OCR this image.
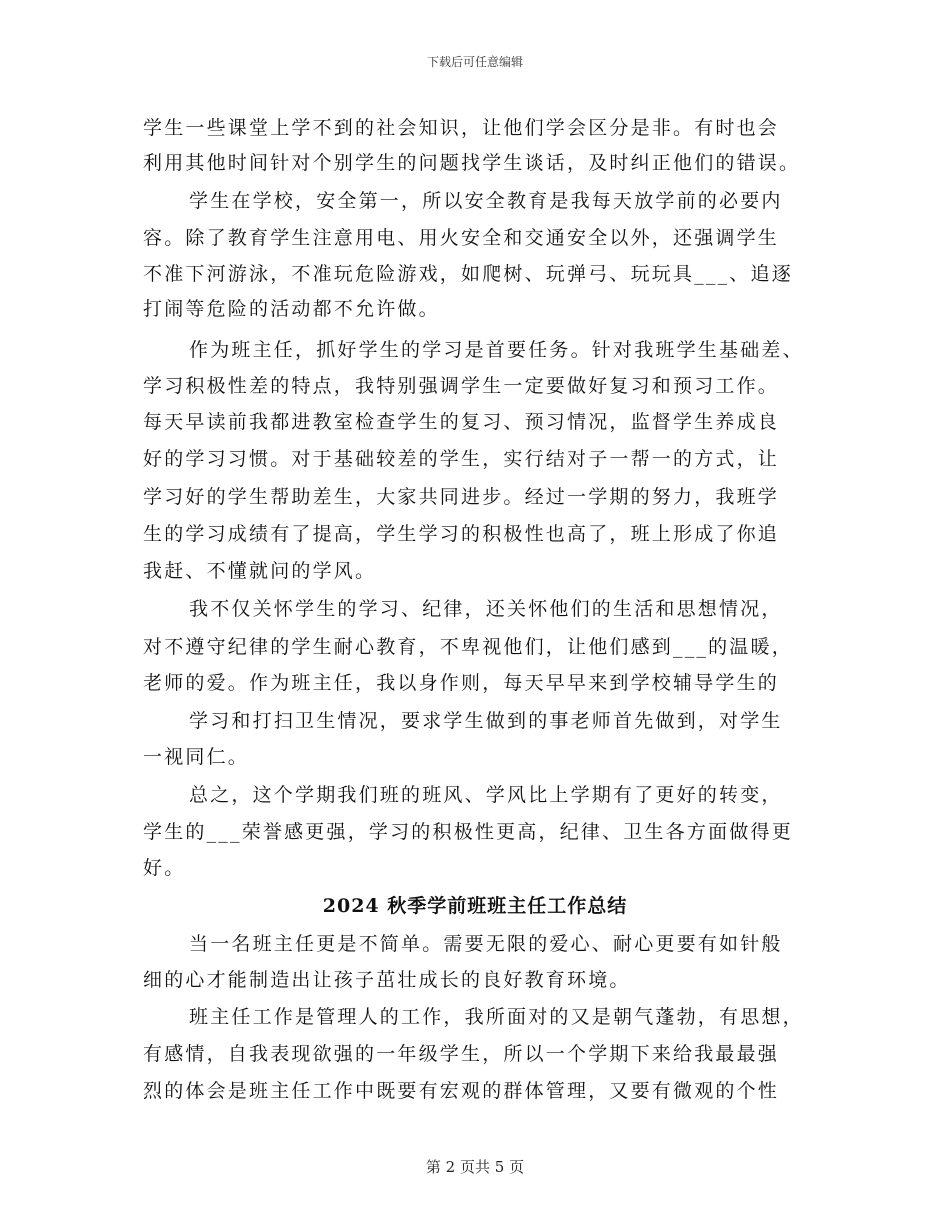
下载后可任意编辑
学生一些课堂上学不到的社会知识，让他们学会区分是非。有时也会
利用其他时间针对个别学生的问题找学生谈话，及时纠正他们的错误。
学生在学校，安全第一，所以安全教育是我每天放学前的必要内
容。除了教育学生注意用电、用火安全和交通安全以外，还强调学生
不准下河游泳，不准玩危险游戏，如爬树、玩弹弓、玩玩具___、追逐
打闹等危险的活动都不允许做。
作为班主任，抓好学生的学习是首要任务。针对我班学生基础差、
学习积极性差的特点，我特别强调学生一定要做好复习和预习工作。
每天早读前我都进教室检查学生的复习、预习情况，监督学生养成良
好的学习习惯。对于基础较差的学生，实行结对子一帮一的方式，让
学习好的学生帮助差生，大家共同进步。经过一学期的努力，我班学
生的学习成绩有了提高，学生学习的积极性也高了，班上形成了你追
我赶、不懂就问的学风。
我不仅关怀学生的学习、纪律，还关怀他们的生活和思想情况，
对不遵守纪律的学生耐心教育，不卑视他们，让他们感到___的温暖，
老师的爱。作为班主任，我以身作则，每天早早来到学校辅导学生的
学习和打扫卫生情况，要求学生做到的事老师首先做到，对学生
一视同仁。
总之，这个学期我们班的班风、学风比上学期有了更好的转变，
学生的___荣誉感更强，学习的积极性更高，纪律、卫生各方面做得更
好。
2024 秋季学前班班主任工作总结
当一名班主任更是不简单。需要无限的爱心、耐心更要有如针般
细的心才能制造出让孩子茁壮成长的良好教育环境。
班主任工作是管理人的工作，我所面对的又是朝气蓬勃，有思想，
有感情，自我表现欲强的一年级学生，所以一个学期下来给我最最强
烈的体会是班主任工作中既要有宏观的群体管理，又要有微观的个性
第 2 页共 5 页
